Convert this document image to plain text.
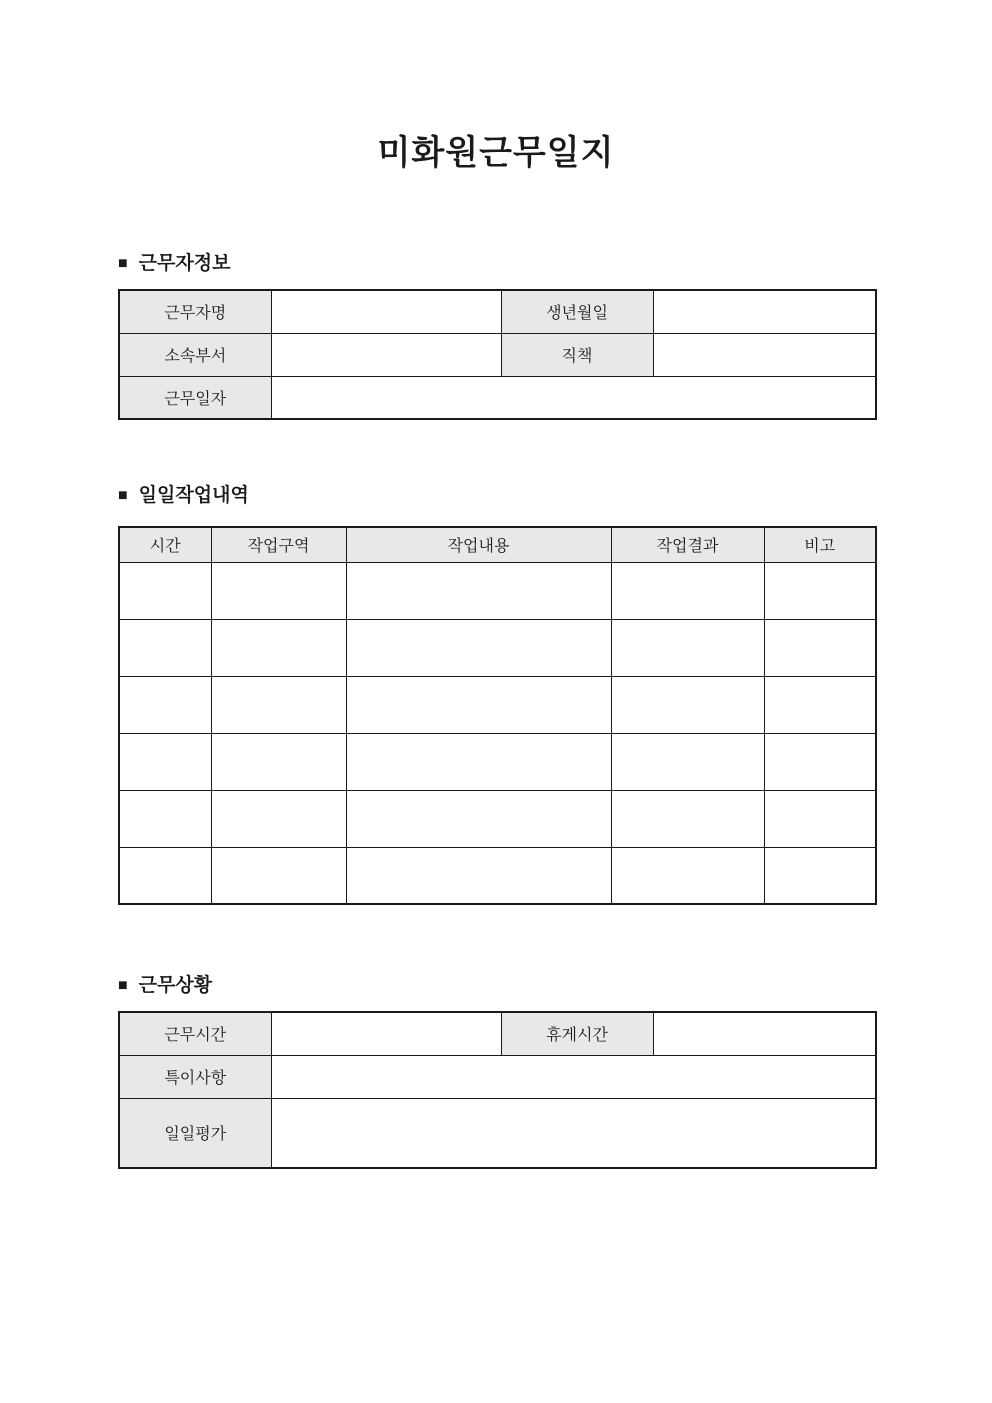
미화원근무일지
■ 근무자정보
근무자명		생년월일	
소속부서		직책	
근무일자			
■ 일일작업내역
시간	작업구역	작업내용	작업결과	비고

■ 근무상황
근무시간		휴게시간	
특이사항			
일일평가			
